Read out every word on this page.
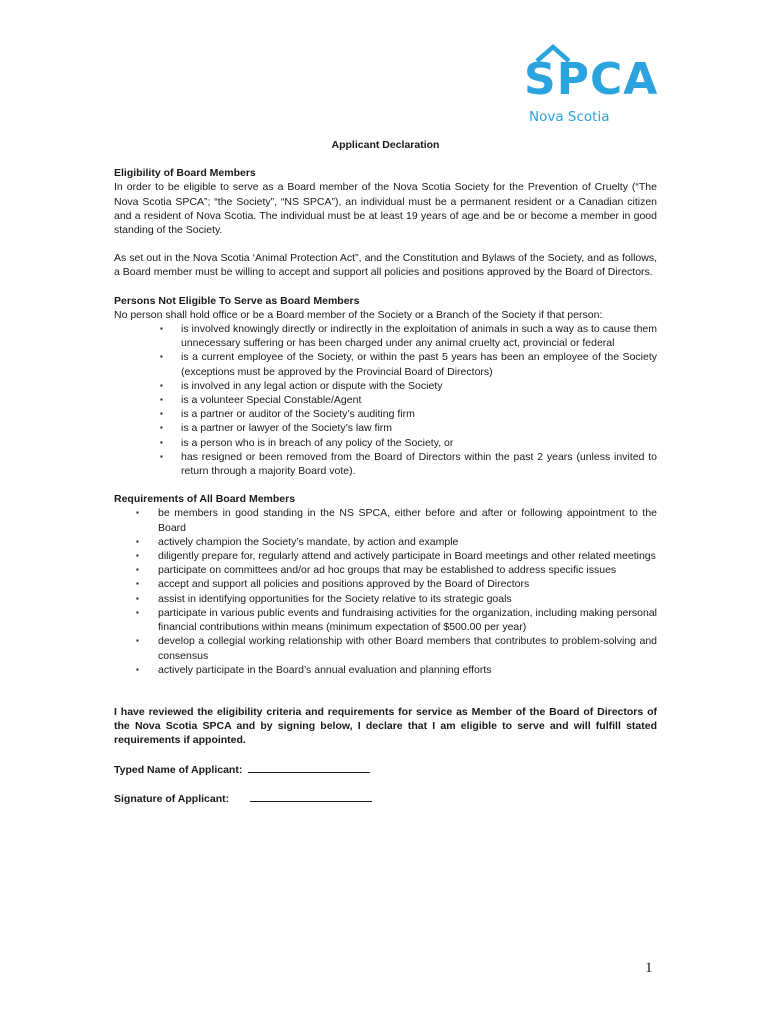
SPCA
Nova Scotia
Applicant Declaration

Eligibility of Board Members

In order to be eligible to serve as a Board member of the Nova Scotia Society for the Prevention of Cruelty (“The Nova Scotia SPCA”; “the Society”, “NS SPCA”), an individual must be a permanent resident or a Canadian citizen and a resident of Nova Scotia. The individual must be at least 19 years of age and be or become a member in good standing of the Society.

As set out in the Nova Scotia ‘Animal Protection Act”, and the Constitution and Bylaws of the Society, and as follows, a Board member must be willing to accept and support all policies and positions approved by the Board of Directors.

Persons Not Eligible To Serve as Board Members

No person shall hold office or be a Board member of the Society or a Branch of the Society if that person:

▪ is involved knowingly directly or indirectly in the exploitation of animals in such a way as to cause them unnecessary suffering or has been charged under any animal cruelty act, provincial or federal
▪ is a current employee of the Society, or within the past 5 years has been an employee of the Society (exceptions must be approved by the Provincial Board of Directors)
▪ is involved in any legal action or dispute with the Society
▪ is a volunteer Special Constable/Agent
▪ is a partner or auditor of the Society’s auditing firm
▪ is a partner or lawyer of the Society’s law firm
▪ is a person who is in breach of any policy of the Society, or
▪ has resigned or been removed from the Board of Directors within the past 2 years (unless invited to return through a majority Board vote).

Requirements of All Board Members

▪ be members in good standing in the NS SPCA, either before and after or following appointment to the Board
▪ actively champion the Society’s mandate, by action and example
▪ diligently prepare for, regularly attend and actively participate in Board meetings and other related meetings
▪ participate on committees and/or ad hoc groups that may be established to address specific issues
▪ accept and support all policies and positions approved by the Board of Directors
▪ assist in identifying opportunities for the Society relative to its strategic goals
▪ participate in various public events and fundraising activities for the organization, including making personal financial contributions within means (minimum expectation of $500.00 per year)
▪ develop a collegial working relationship with other Board members that contributes to problem-solving and consensus
▪ actively participate in the Board’s annual evaluation and planning efforts

I have reviewed the eligibility criteria and requirements for service as Member of the Board of Directors of the Nova Scotia SPCA and by signing below, I declare that I am eligible to serve and will fulfill stated requirements if appointed.

Typed Name of Applicant:

Signature of Applicant:

1
